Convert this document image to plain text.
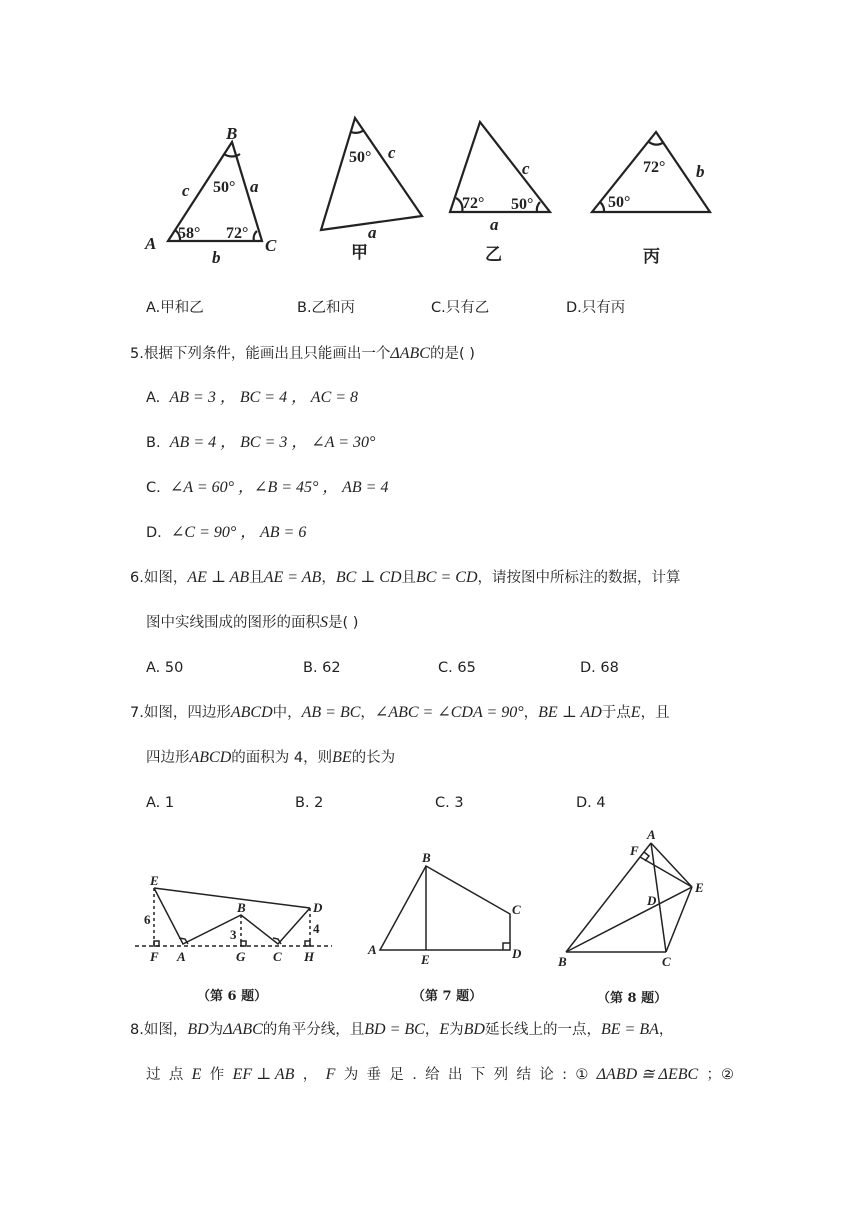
B
A	C
c	a
b
50°
58° 72°
50° c
a
甲
c
72° 50°
a
乙
72° b
50°
丙
A.甲和乙	B.乙和丙	C.只有乙	D.只有丙
5.根据下列条件，能画出且只能画出一个ΔABC的是( )
A. AB = 3 ， BC = 4 ， AC = 8
B. AB = 4 ， BC = 3 ， ∠A = 30°
C. ∠A = 60° ，∠B = 45° ， AB = 4
D. ∠C = 90° ， AB = 6
6.如图，AE ⊥ AB且AE = AB，BC ⊥ CD且BC = CD，请按图中所标注的数据，计算
图中实线围成的图形的面积S是( )
A. 50	B. 62	C. 65	D. 68
7.如图，四边形ABCD中，AB = BC，∠ABC = ∠CDA = 90°，BE ⊥ AD于点E，且
四边形ABCD的面积为 4，则BE的长为
A. 1	B. 2	C. 3	D. 4
E
D
B
F A	G C H
6
3	4
（第 6 题）
B
C
A
E	D
（第 7 题）
A
F
E
D
B	C
（第 8 题）
8.如图，BD为ΔABC的角平分线，且BD = BC，E为BD延长线上的一点，BE = BA，
过 点 E 作 EF ⊥ AB ， F 为 垂 足 . 给 出 下 列 结 论 : ① ΔABD ≅ ΔEBC ；②
